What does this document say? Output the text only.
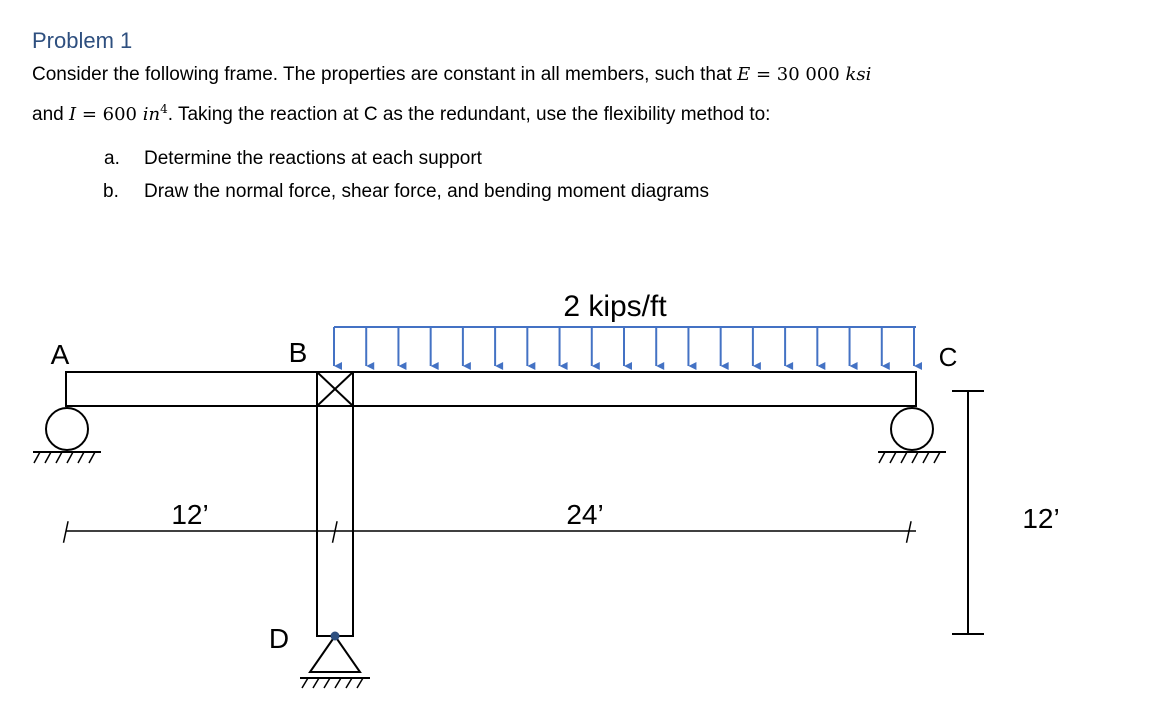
Problem 1
Consider the following frame. The properties are constant in all members, such that E = 30 000 ksi
and I = 600 $in^4$. Taking the reaction at C as the redundant, use the flexibility method to:
a. Determine the reactions at each support
b. Draw the normal force, shear force, and bending moment diagrams
2 kips/ft
A	B	C
D
12’	24’	12’
